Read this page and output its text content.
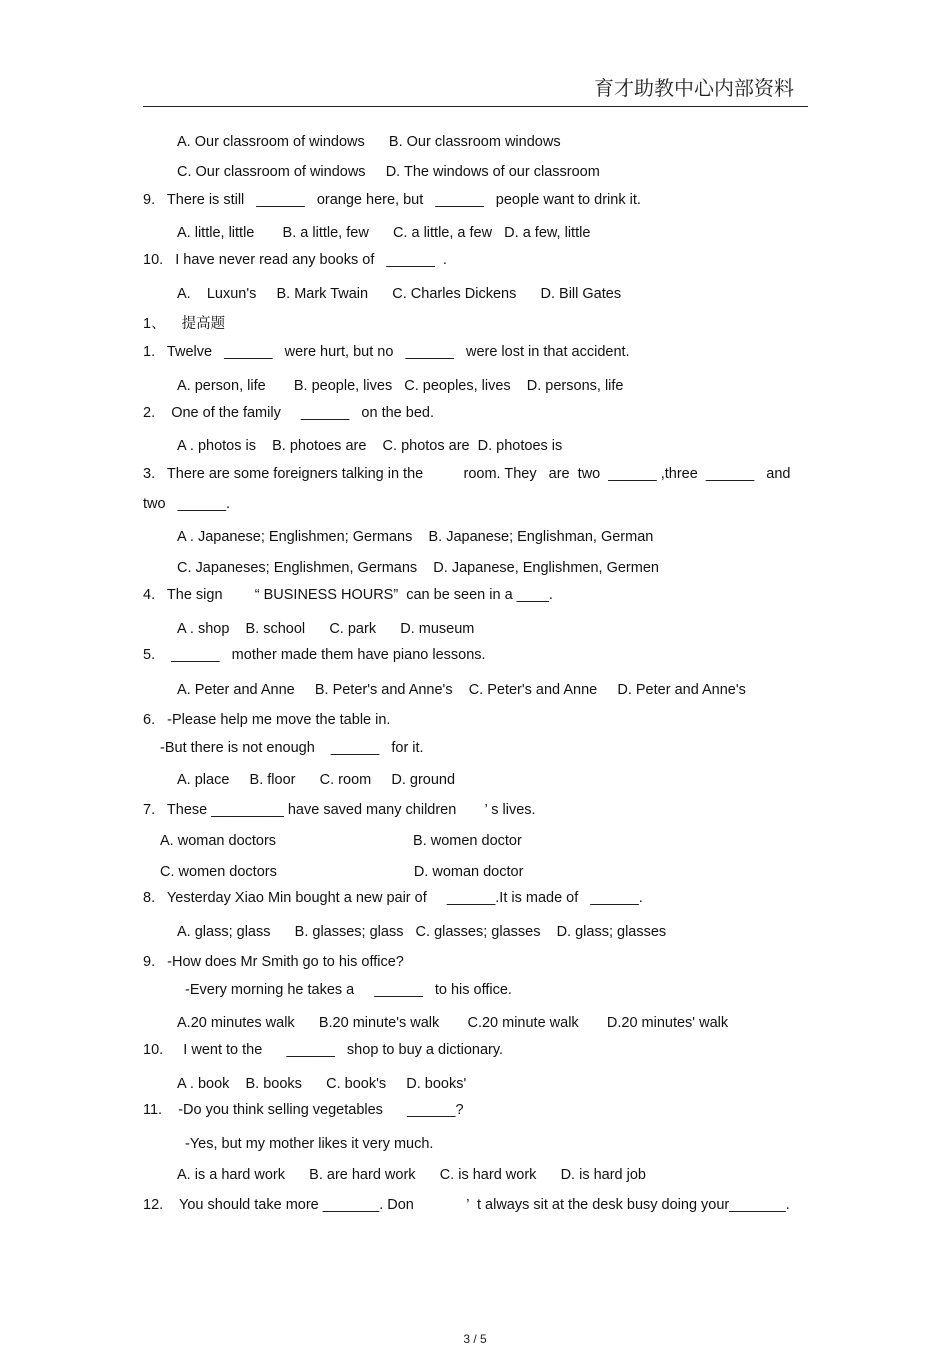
育才助教中心内部资料
A. Our classroom of windows      B. Our classroom windows
C. Our classroom of windows     D. The windows of our classroom
9.   There is still   ______   orange here, but   ______   people want to drink it.
A. little, little       B. a little, few      C. a little, a few   D. a few, little
10.   I have never read any books of   ______  .
A.    Luxun's     B. Mark Twain      C. Charles Dickens      D. Bill Gates
1、    提高题
1.   Twelve   ______   were hurt, but no   ______   were lost in that accident.
A. person, life       B. people, lives   C. peoples, lives    D. persons, life
2.    One of the family     ______   on the bed.
A . photos is    B. photoes are    C. photos are  D. photoes is
3.   There are some foreigners talking in the          room. They   are  two  ______ ,three  ______   and
two   ______.
A . Japanese; Englishmen; Germans    B. Japanese; Englishman, German
C. Japaneses; Englishmen, Germans    D. Japanese, Englishmen, Germen
4.   The sign        “ BUSINESS HOURS”  can be seen in a ____.
A . shop    B. school      C. park      D. museum
5.    ______   mother made them have piano lessons.
A. Peter and Anne     B. Peter's and Anne's    C. Peter's and Anne     D. Peter and Anne's
6.   -Please help me move the table in.
-But there is not enough    ______   for it.
A. place     B. floor      C. room     D. ground
7.   These _________ have saved many children       ’ s lives.
A. woman doctors                                  B. women doctor
C. women doctors                                  D. woman doctor
8.   Yesterday Xiao Min bought a new pair of     ______.It is made of   ______.
A. glass; glass      B. glasses; glass   C. glasses; glasses    D. glass; glasses
9.   -How does Mr Smith go to his office?
-Every morning he takes a     ______   to his office.
A.20 minutes walk      B.20 minute's walk       C.20 minute walk       D.20 minutes' walk
10.     I went to the      ______   shop to buy a dictionary.
A . book    B. books      C. book's     D. books'
11.    -Do you think selling vegetables      ______?
-Yes, but my mother likes it very much.
A. is a hard work      B. are hard work      C. is hard work      D. is hard job
12.    You should take more _______. Don             ’  t always sit at the desk busy doing your_______.
3 / 5
